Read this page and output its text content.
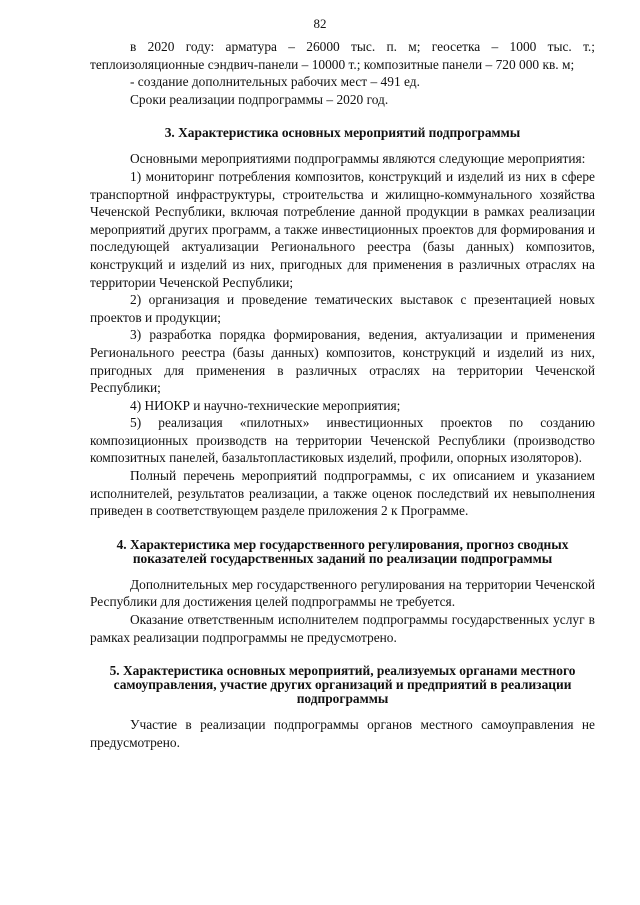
82

в 2020 году: арматура – 26000 тыс. п. м; геосетка – 1000 тыс. т.; теплоизоляционные сэндвич-панели – 10000 т.; композитные панели – 720 000 кв. м;

- создание дополнительных рабочих мест – 491 ед.

Сроки реализации подпрограммы – 2020 год.

3. Характеристика основных мероприятий подпрограммы

Основными мероприятиями подпрограммы являются следующие мероприятия:

1) мониторинг потребления композитов, конструкций и изделий из них в сфере транспортной инфраструктуры, строительства и жилищно-коммунального хозяйства Чеченской Республики, включая потребление данной продукции в рамках реализации мероприятий других программ, а также инвестиционных проектов для формирования и последующей актуализации Регионального реестра (базы данных) композитов, конструкций и изделий из них, пригодных для применения в различных отраслях на территории Чеченской Республики;

2) организация и проведение тематических выставок с презентацией новых проектов и продукции;

3) разработка порядка формирования, ведения, актуализации и применения Регионального реестра (базы данных) композитов, конструкций и изделий из них, пригодных для применения в различных отраслях на территории Чеченской Республики;

4) НИОКР и научно-технические мероприятия;

5) реализация «пилотных» инвестиционных проектов по созданию композиционных производств на территории Чеченской Республики (производство композитных панелей, базальтопластиковых изделий, профили, опорных изоляторов).

Полный перечень мероприятий подпрограммы, с их описанием и указанием исполнителей, результатов реализации, а также оценок последствий их невыполнения приведен в соответствующем разделе приложения 2 к Программе.

4. Характеристика мер государственного регулирования, прогноз сводных показателей государственных заданий по реализации подпрограммы

Дополнительных мер государственного регулирования на территории Чеченской Республики для достижения целей подпрограммы не требуется.

Оказание ответственным исполнителем подпрограммы государственных услуг в рамках реализации подпрограммы не предусмотрено.

5. Характеристика основных мероприятий, реализуемых органами местного самоуправления, участие других организаций и предприятий в реализации подпрограммы

Участие в реализации подпрограммы органов местного самоуправления не предусмотрено.
